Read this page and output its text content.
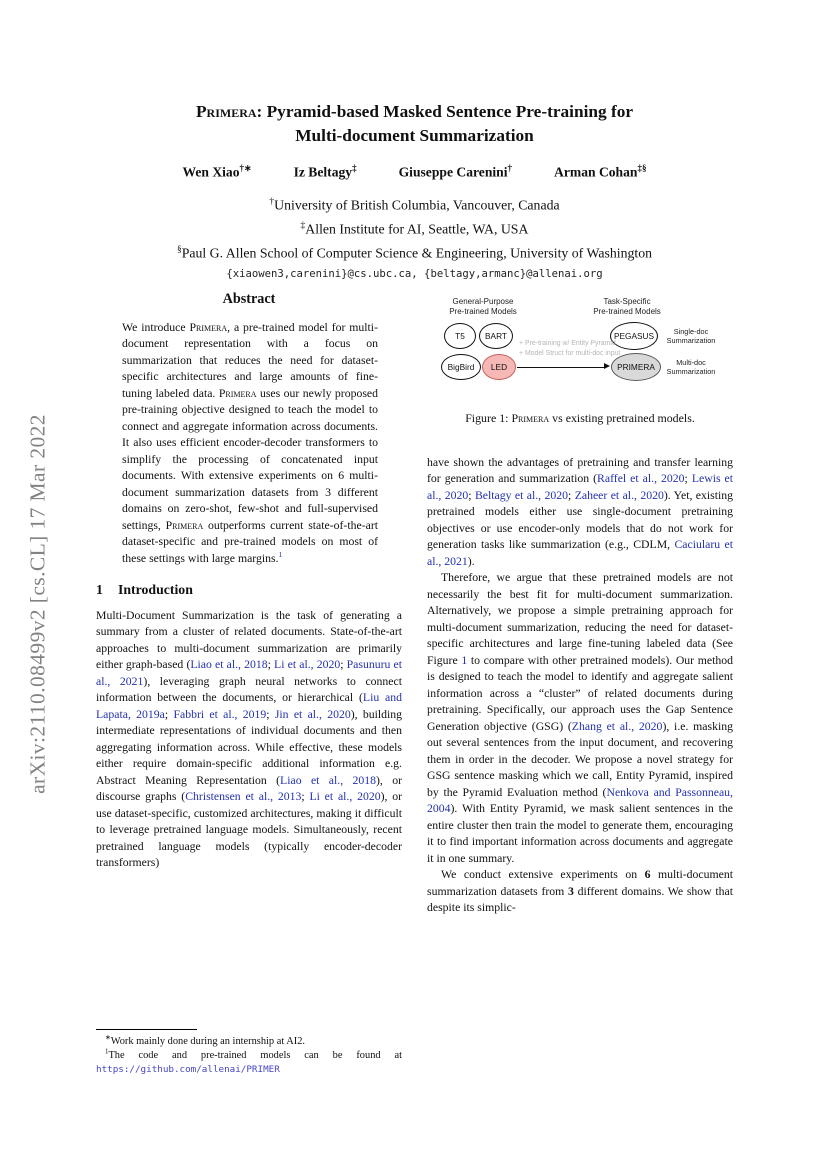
arXiv:2110.08499v2 [cs.CL] 17 Mar 2022
Primera: Pyramid-based Masked Sentence Pre-training for
Multi-document Summarization
Wen Xiao†∗	Iz Beltagy‡	Giuseppe Carenini†	Arman Cohan‡§
†University of British Columbia, Vancouver, Canada
‡Allen Institute for AI, Seattle, WA, USA
§Paul G. Allen School of Computer Science & Engineering, University of Washington
{xiaowen3,carenini}@cs.ubc.ca, {beltagy,armanc}@allenai.org
Abstract

We introduce Primera, a pre-trained model for multi-document representation with a focus on summarization that reduces the need for dataset-specific architectures and large amounts of fine-tuning labeled data. Primera uses our newly proposed pre-training objective designed to teach the model to connect and aggregate information across documents. It also uses efficient encoder-decoder transformers to simplify the processing of concatenated input documents. With extensive experiments on 6 multi-document summarization datasets from 3 different domains on zero-shot, few-shot and full-supervised settings, Primera outperforms current state-of-the-art dataset-specific and pre-trained models on most of these settings with large margins.$^1$

1 Introduction

Multi-Document Summarization is the task of generating a summary from a cluster of related documents. State-of-the-art approaches to multi-document summarization are primarily either graph-based (Liao et al., 2018; Li et al., 2020; Pasunuru et al., 2021), leveraging graph neural networks to connect information between the documents, or hierarchical (Liu and Lapata, 2019a; Fabbri et al., 2019; Jin et al., 2020), building intermediate representations of individual documents and then aggregating information across. While effective, these models either require domain-specific additional information e.g. Abstract Meaning Representation (Liao et al., 2018), or discourse graphs (Christensen et al., 2013; Li et al., 2020), or use dataset-specific, customized architectures, making it difficult to leverage pretrained language models. Simultaneously, recent pretrained language models (typically encoder-decoder transformers)

∗Work mainly done during an internship at AI2.

$^1$The code and pre-trained models can be found at https://github.com/allenai/PRIMER

General-Purpose
Pre-trained Models
Task-Specific
Pre-trained Models
T5	BART
BigBird	LED
PEGASUS
PRIMERA
+ Pre-training w/ Entity Pyramid
+ Model Struct for multi-doc input
Single-doc
Summarization
Multi-doc
Summarization
Figure 1: Primera vs existing pretrained models.

have shown the advantages of pretraining and transfer learning for generation and summarization (Raffel et al., 2020; Lewis et al., 2020; Beltagy et al., 2020; Zaheer et al., 2020). Yet, existing pretrained models either use single-document pretraining objectives or use encoder-only models that do not work for generation tasks like summarization (e.g., CDLM, Caciularu et al., 2021).

Therefore, we argue that these pretrained models are not necessarily the best fit for multi-document summarization. Alternatively, we propose a simple pretraining approach for multi-document summarization, reducing the need for dataset-specific architectures and large fine-tuning labeled data (See Figure 1 to compare with other pretrained models). Our method is designed to teach the model to identify and aggregate salient information across a “cluster” of related documents during pretraining. Specifically, our approach uses the Gap Sentence Generation objective (GSG) (Zhang et al., 2020), i.e. masking out several sentences from the input document, and recovering them in order in the decoder. We propose a novel strategy for GSG sentence masking which we call, Entity Pyramid, inspired by the Pyramid Evaluation method (Nenkova and Passonneau, 2004). With Entity Pyramid, we mask salient sentences in the entire cluster then train the model to generate them, encouraging it to find important information across documents and aggregate it in one summary.

We conduct extensive experiments on 6 multi-document summarization datasets from 3 different domains. We show that despite its simplic-
